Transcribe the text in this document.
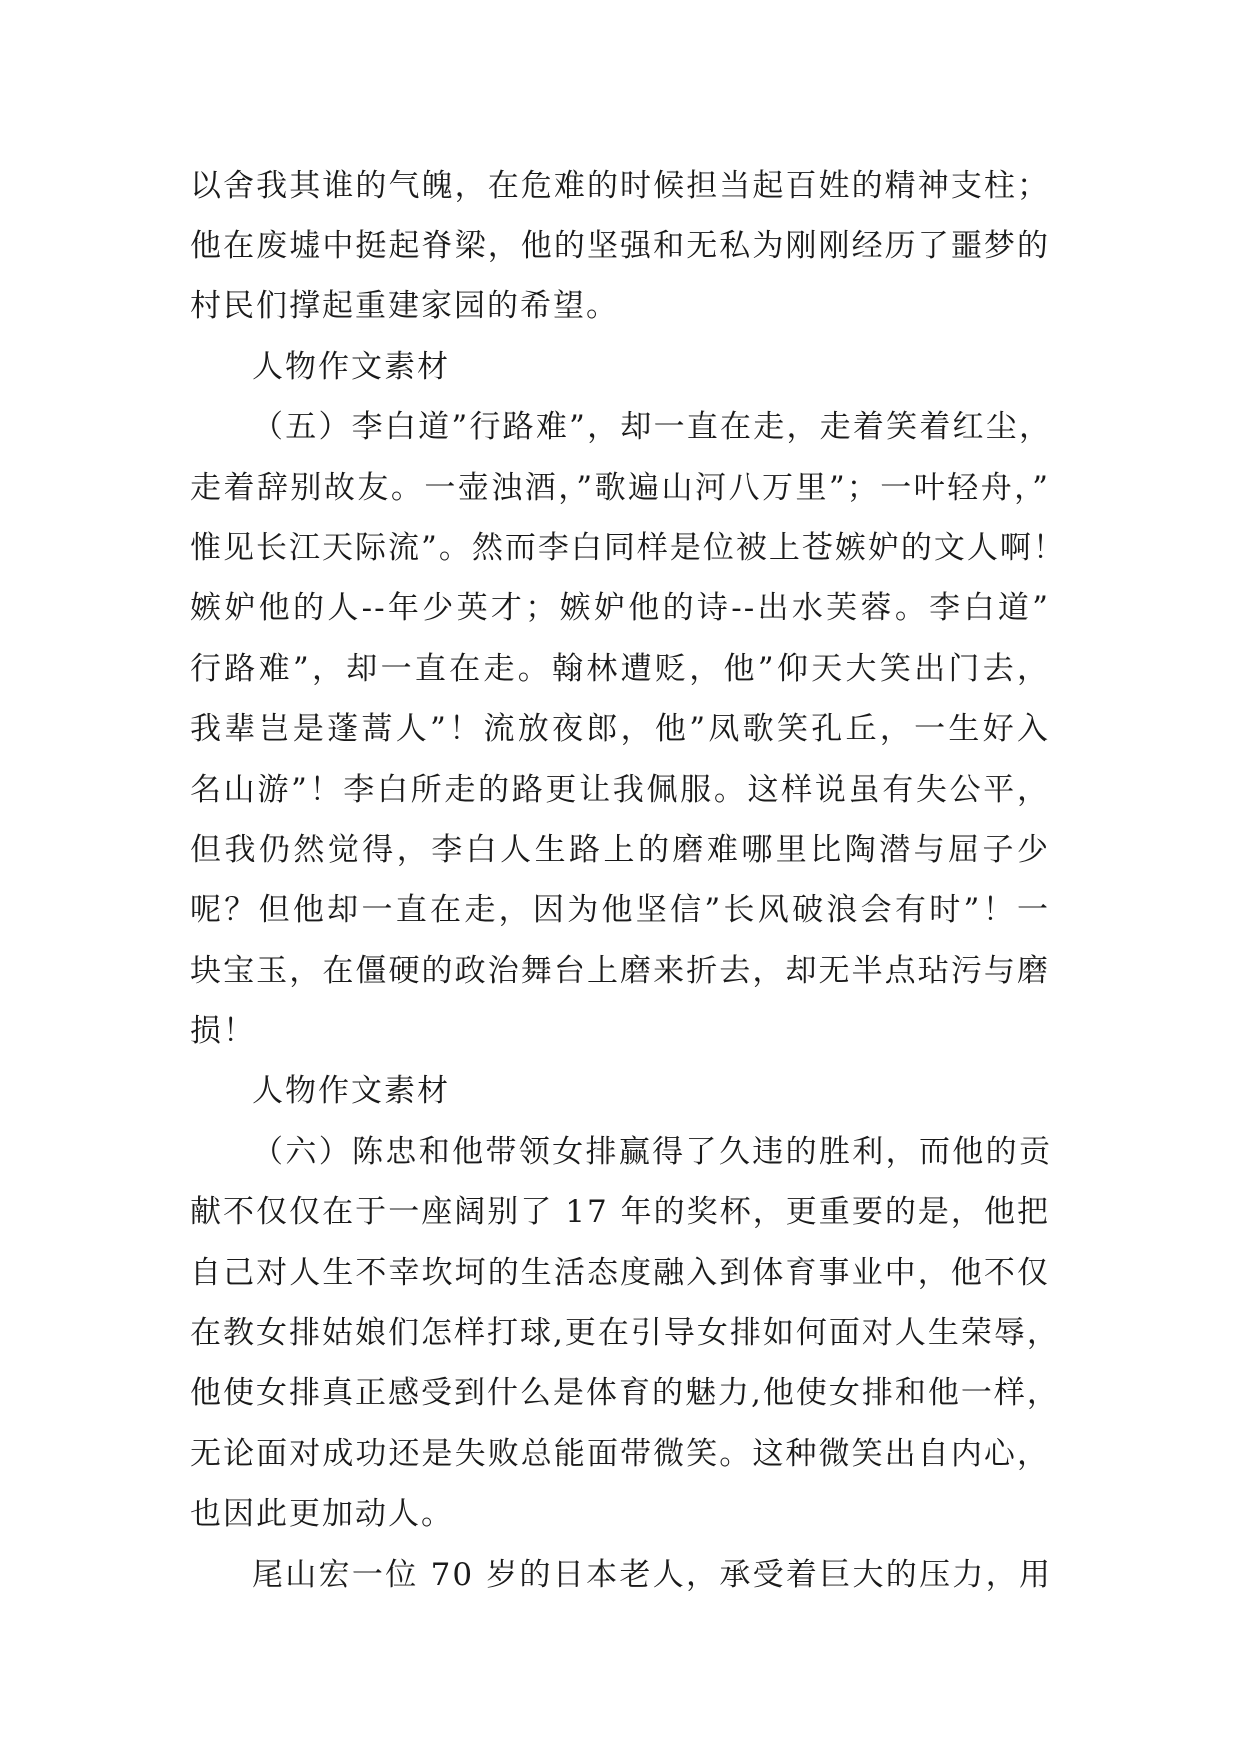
以舍我其谁的气魄，在危难的时候担当起百姓的精神支柱；
他在废墟中挺起脊梁，他的坚强和无私为刚刚经历了噩梦的
村民们撑起重建家园的希望。
人物作文素材
（五）李白道”行路难”，却一直在走，走着笑着红尘，
走着辞别故友。一壶浊酒，”歌遍山河八万里”；一叶轻舟，”
惟见长江天际流”。然而李白同样是位被上苍嫉妒的文人啊！
嫉妒他的人--年少英才；嫉妒他的诗--出水芙蓉。李白道”
行路难”，却一直在走。翰林遭贬，他”仰天大笑出门去，
我辈岂是蓬蒿人”！流放夜郎，他”凤歌笑孔丘，一生好入
名山游”！李白所走的路更让我佩服。这样说虽有失公平，
但我仍然觉得，李白人生路上的磨难哪里比陶潜与屈子少
呢？但他却一直在走，因为他坚信”长风破浪会有时”！一
块宝玉，在僵硬的政治舞台上磨来折去，却无半点玷污与磨
损！
人物作文素材
（六）陈忠和他带领女排赢得了久违的胜利，而他的贡
献不仅仅在于一座阔别了 17 年的奖杯，更重要的是，他把
自己对人生不幸坎坷的生活态度融入到体育事业中，他不仅
在教女排姑娘们怎样打球,更在引导女排如何面对人生荣辱，
他使女排真正感受到什么是体育的魅力,他使女排和他一样，
无论面对成功还是失败总能面带微笑。这种微笑出自内心，
也因此更加动人。
尾山宏一位 70 岁的日本老人，承受着巨大的压力，用
